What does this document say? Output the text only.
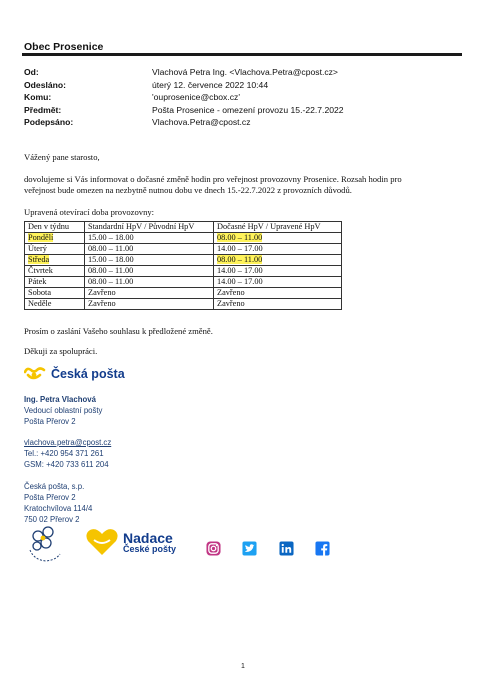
Obec Prosenice
Od:	Vlachová Petra Ing. <Vlachova.Petra@cpost.cz>
Odesláno:	úterý 12. července 2022 10:44
Komu:	'ouprosenice@cbox.cz'
Předmět:	Pošta Prosenice - omezení provozu 15.-22.7.2022
Podepsáno:	Vlachova.Petra@cpost.cz
Vážený pane starosto,
dovolujeme si Vás informovat o dočasné změně hodin pro veřejnost provozovny Prosenice. Rozsah hodin pro veřejnost bude omezen na nezbytně nutnou dobu ve dnech 15.-22.7.2022 z provozních důvodů.
Upravená otevírací doba provozovny:
Den v týdnu	Standardní HpV / Původní HpV	Dočasné HpV / Upravené HpV
Pondělí	15.00 – 18.00	08.00 – 11.00
Úterý	08.00 – 11.00	14.00 – 17.00
Středa	15.00 – 18.00	08.00 – 11.00
Čtvrtek	08.00 – 11.00	14.00 – 17.00
Pátek	08.00 – 11.00	14.00 – 17.00
Sobota	Zavřeno	Zavřeno
Neděle	Zavřeno	Zavřeno
Prosím o zaslání Vašeho souhlasu k předložené změně.
Děkuji za spolupráci.
Česká pošta
Ing. Petra Vlachová
Vedoucí oblastní pošty
Pošta Přerov 2
vlachova.petra@cpost.cz
Tel.: +420 954 371 261
GSM: +420 733 611 204
Česká pošta, s.p.
Pošta Přerov 2
Kratochvílova 114/4
750 02 Přerov 2
Nadace
České pošty
1
